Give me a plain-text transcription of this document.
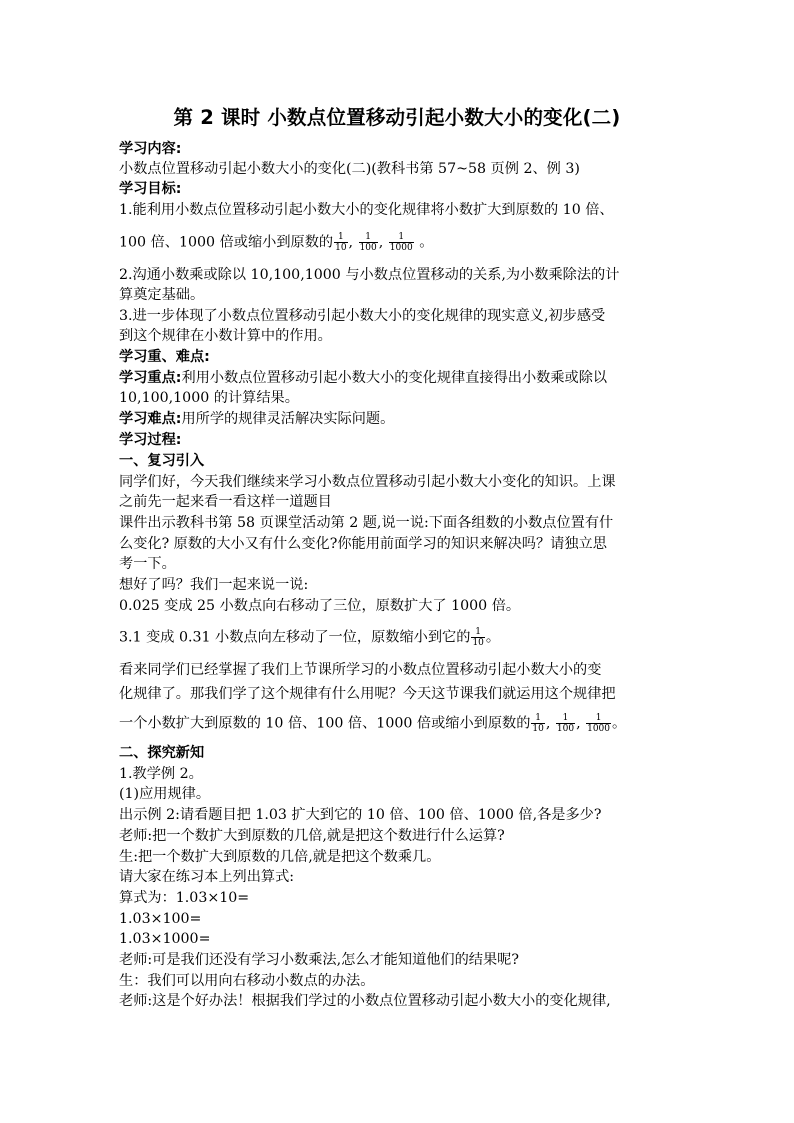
第 2 课时 小数点位置移动引起小数大小的变化(二)
学习内容:
小数点位置移动引起小数大小的变化(二)(教科书第 57~58 页例 2、例 3)
学习目标:
1.能利用小数点位置移动引起小数大小的变化规律将小数扩大到原数的 10 倍、
100 倍、1000 倍或缩小到原数的 $\frac{1}{10}$ , $\frac{1}{100}$ , $\frac{1}{1000}$ 。
2.沟通小数乘或除以 10,100,1000 与小数点位置移动的关系,为小数乘除法的计
算奠定基础。
3.进一步体现了小数点位置移动引起小数大小的变化规律的现实意义,初步感受
到这个规律在小数计算中的作用。
学习重、难点:
学习重点:利用小数点位置移动引起小数大小的变化规律直接得出小数乘或除以
10,100,1000 的计算结果。
学习难点:用所学的规律灵活解决实际问题。
学习过程:
一、复习引入
同学们好，今天我们继续来学习小数点位置移动引起小数大小变化的知识。上课
之前先一起来看一看这样一道题目
课件出示教科书第 58 页课堂活动第 2 题,说一说:下面各组数的小数点位置有什
么变化? 原数的大小又有什么变化?你能用前面学习的知识来解决吗？请独立思
考一下。
想好了吗？我们一起来说一说:
0.025 变成 25 小数点向右移动了三位，原数扩大了 1000 倍。
3.1 变成 0.31 小数点向左移动了一位，原数缩小到它的 $\frac{1}{10}$ 。
看来同学们已经掌握了我们上节课所学习的小数点位置移动引起小数大小的变
化规律了。那我们学了这个规律有什么用呢？今天这节课我们就运用这个规律把
一个小数扩大到原数的 10 倍、100 倍、1000 倍或缩小到原数的 $\frac{1}{10}$ , $\frac{1}{100}$ , $\frac{1}{1000}$ 。
二、探究新知
1.教学例 2。
(1)应用规律。
出示例 2:请看题目把 1.03 扩大到它的 10 倍、100 倍、1000 倍,各是多少?
老师:把一个数扩大到原数的几倍,就是把这个数进行什么运算?
生:把一个数扩大到原数的几倍,就是把这个数乘几。
请大家在练习本上列出算式:
算式为：1.03×10=
1.03×100=
1.03×1000=
老师:可是我们还没有学习小数乘法,怎么才能知道他们的结果呢?
生：我们可以用向右移动小数点的办法。
老师:这是个好办法！根据我们学过的小数点位置移动引起小数大小的变化规律,
